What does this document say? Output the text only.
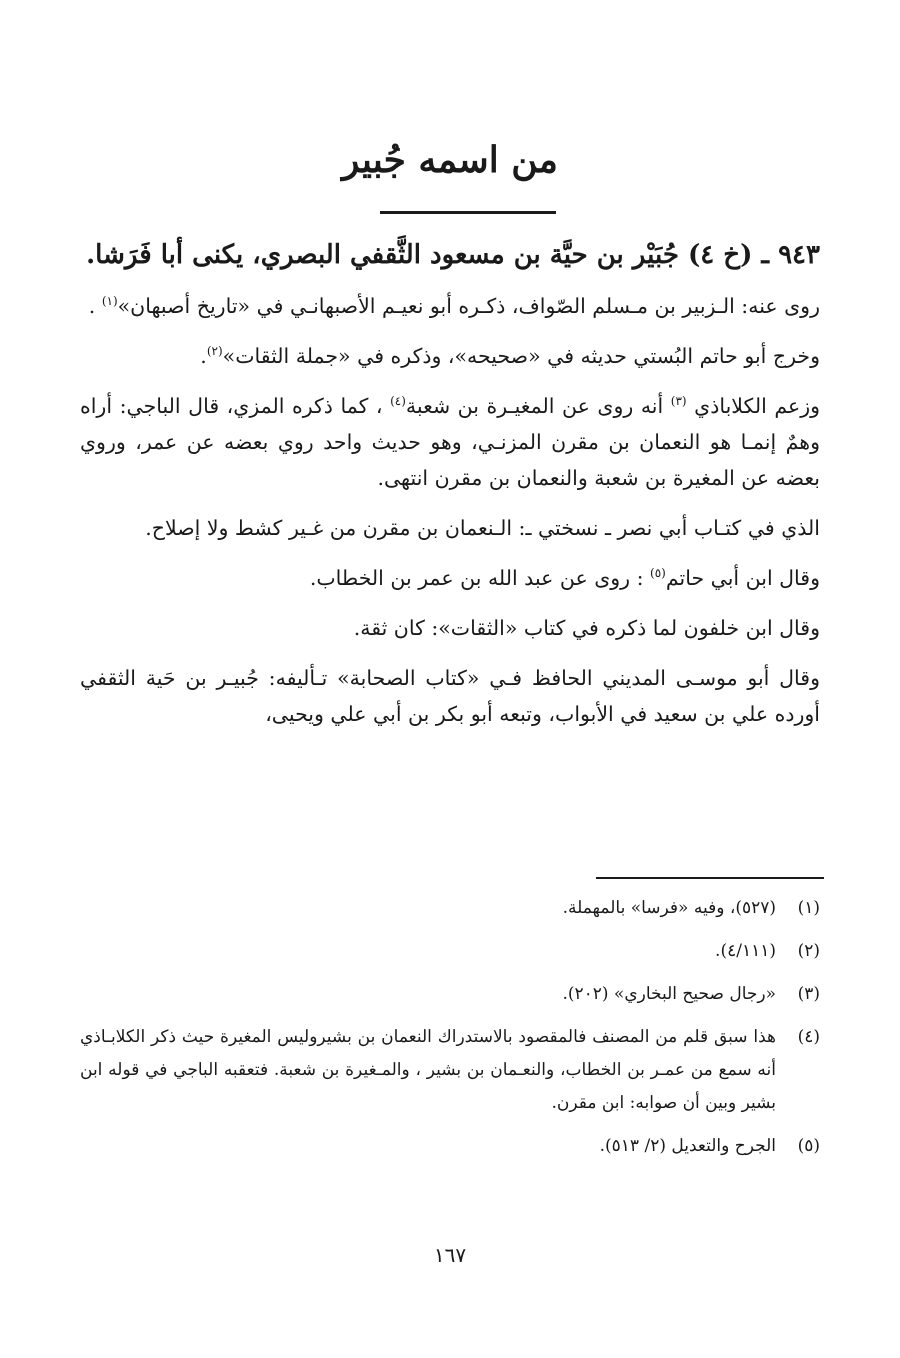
من اسمه جُبير
٩٤٣ ـ (خ ٤) جُبَيْر بن حيَّة بن مسعود الثَّقفي البصري، يكنى أبا فَرَشا.

روى عنه: الـزبير بن مـسلم الصّواف، ذكـره أبو نعيـم الأصبهانـي في «تاريخ أصبهان»$^{(١)}$ .

وخرج أبو حاتم البُستي حديثه في «صحيحه»، وذكره في «جملة الثقات»$^{(٢)}$.

وزعم الكلاباذي $^{(٣)}$ أنه روى عن المغيـرة بن شعبة$^{(٤)}$ ، كما ذكره المزي، قال الباجي: أراه وهمٌ إنمـا هو النعمان بن مقرن المزنـي، وهو حديث واحد روي بعضه عن عمر، وروي بعضه عن المغيرة بن شعبة والنعمان بن مقرن انتهى.

الذي في كتـاب أبي نصر ـ نسختي ـ: الـنعمان بن مقرن من غـير كشط ولا إصلاح.

وقال ابن أبي حاتم$^{(٥)}$ : روى عن عبد الله بن عمر بن الخطاب.

وقال ابن خلفون لما ذكره في كتاب «الثقات»: كان ثقة.

وقال أبو موسـى المديني الحافظ فـي «كتاب الصحابة» تـأليفه: جُبيـر بن حَية الثقفي أورده علي بن سعيد في الأبواب، وتبعه أبو بكر بن أبي علي ويحيى،

(١)
(٥٢٧)، وفيه «فرسا» بالمهملة.
(٢)
(٤/١١١).
(٣)
«رجال صحيح البخاري» (٢٠٢).
(٤)
هذا سبق قلم من المصنف فالمقصود بالاستدراك النعمان بن بشيروليس المغيرة حيث ذكر الكلابـاذي أنه سمع من عمـر بن الخطاب، والنعـمان بن بشير ، والمـغيرة بن شعبة. فتعقبه الباجي في قوله ابن بشير وبين أن صوابه: ابن مقرن.
(٥)
الجرح والتعديل (٢/ ٥١٣).
١٦٧
